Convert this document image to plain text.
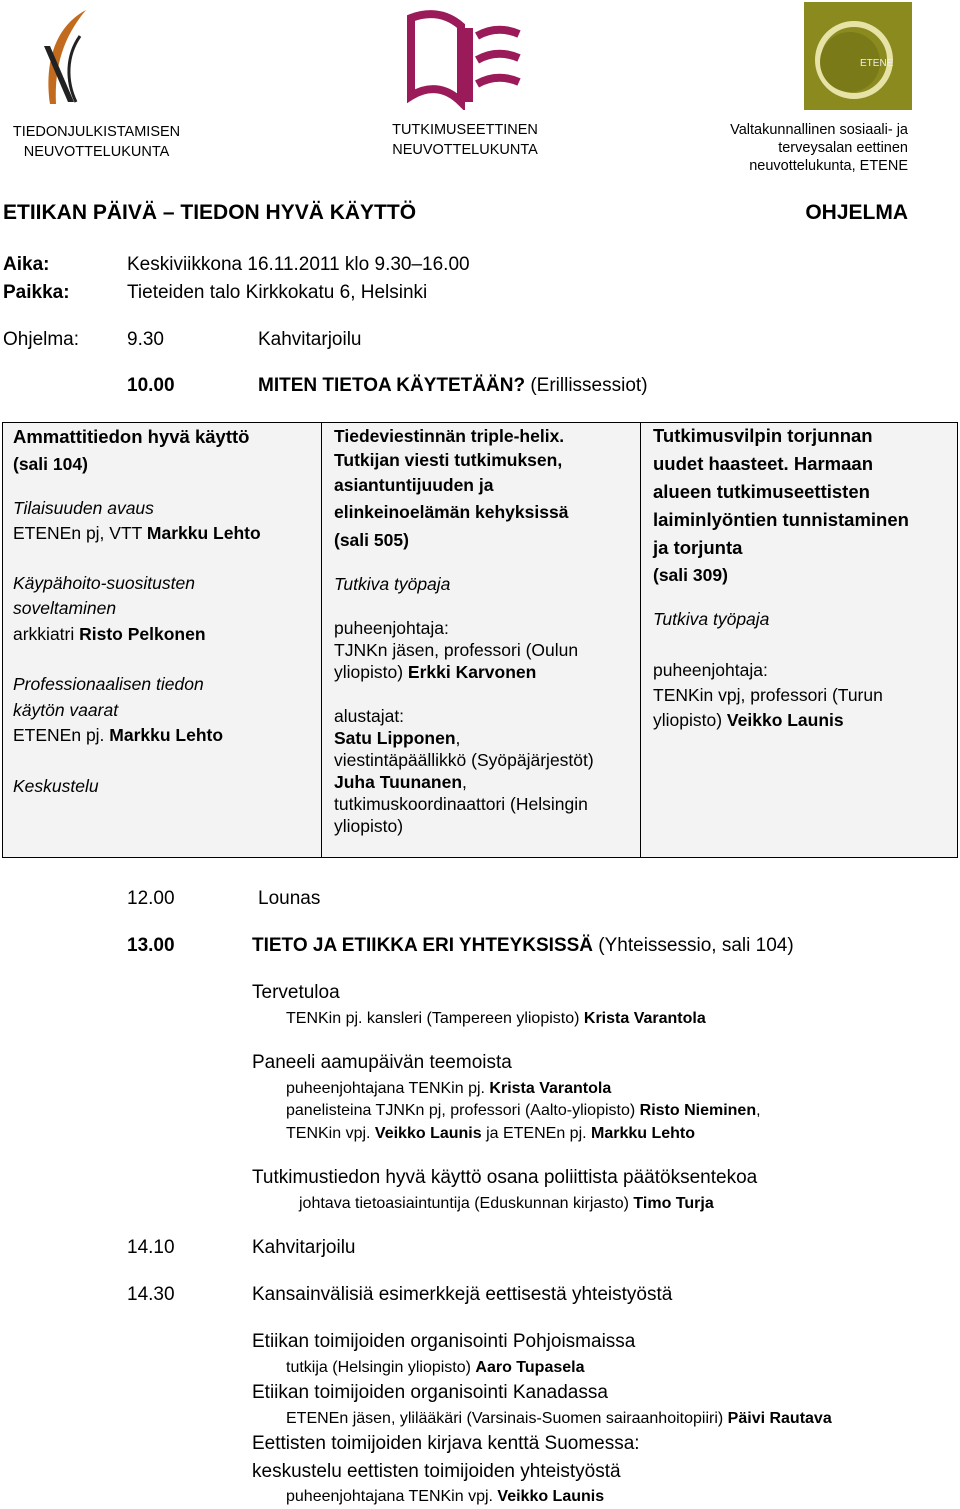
TIEDONJULKISTAMISEN
NEUVOTTELUKUNTA
TUTKIMUSEETTINEN
NEUVOTTELUKUNTA
ETENE
Valtakunnallinen sosiaali- ja
terveysalan eettinen
neuvottelukunta, ETENE
ETIIKAN PÄIVÄ – TIEDON HYVÄ KÄYTTÖ	OHJELMA
Aika:	Keskiviikkona 16.11.2011 klo 9.30–16.00
Paikka:	Tieteiden talo Kirkkokatu 6, Helsinki
Ohjelma:	9.30	Kahvitarjoilu
10.00	MITEN TIETOA KÄYTETÄÄN? (Erillissessiot)
Ammattitiedon hyvä käyttö
(sali 104)
Tilaisuuden avaus
ETENEn pj, VTT Markku Lehto
Käypähoito-suositusten
soveltaminen
arkkiatri Risto Pelkonen
Professionaalisen tiedon
käytön vaarat
ETENEn pj. Markku Lehto
Keskustelu
Tiedeviestinnän triple-helix.
Tutkijan viesti tutkimuksen,
asiantuntijuuden ja
elinkeinoelämän kehyksissä
(sali 505)
Tutkiva työpaja
puheenjohtaja:
TJNKn jäsen, professori (Oulun
yliopisto) Erkki Karvonen
alustajat:
Satu Lipponen,
viestintäpäällikkö (Syöpäjärjestöt)
Juha Tuunanen,
tutkimuskoordinaattori (Helsingin
yliopisto)
Tutkimusvilpin torjunnan
uudet haasteet. Harmaan
alueen tutkimuseettisten
laiminlyöntien tunnistaminen
ja torjunta
(sali 309)
Tutkiva työpaja
puheenjohtaja:
TENKin vpj, professori (Turun
yliopisto) Veikko Launis
12.00	Lounas
13.00	TIETO JA ETIIKKA ERI YHTEYKSISSÄ (Yhteissessio, sali 104)
Tervetuloa
TENKin pj. kansleri (Tampereen yliopisto) Krista Varantola
Paneeli aamupäivän teemoista
puheenjohtajana TENKin pj. Krista Varantola
panelisteina TJNKn pj, professori (Aalto-yliopisto) Risto Nieminen,
TENKin vpj. Veikko Launis ja ETENEn pj. Markku Lehto
Tutkimustiedon hyvä käyttö osana poliittista päätöksentekoa
johtava tietoasiaintuntija (Eduskunnan kirjasto) Timo Turja
14.10	Kahvitarjoilu
14.30	Kansainvälisiä esimerkkejä eettisestä yhteistyöstä
Etiikan toimijoiden organisointi Pohjoismaissa
tutkija (Helsingin yliopisto) Aaro Tupasela
Etiikan toimijoiden organisointi Kanadassa
ETENEn jäsen, ylilääkäri (Varsinais-Suomen sairaanhoitopiiri) Päivi Rautava
Eettisten toimijoiden kirjava kenttä Suomessa:
keskustelu eettisten toimijoiden yhteistyöstä
puheenjohtajana TENKin vpj. Veikko Launis
